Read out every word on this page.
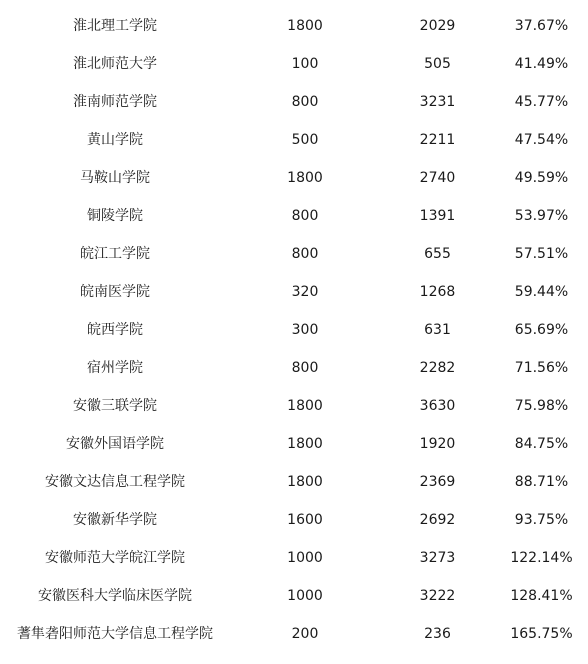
淮北理工学院	1800	2029	37.67%
淮北师范大学	100	505	41.49%
淮南师范学院	800	3231	45.77%
黄山学院	500	2211	47.54%
马鞍山学院	1800	2740	49.59%
铜陵学院	800	1391	53.97%
皖江工学院	800	655	57.51%
皖南医学院	320	1268	59.44%
皖西学院	300	631	65.69%
宿州学院	800	2282	71.56%
安徽三联学院	1800	3630	75.98%
安徽外国语学院	1800	1920	84.75%
安徽文达信息工程学院	1800	2369	88.71%
安徽新华学院	1600	2692	93.75%
安徽师范大学皖江学院	1000	3273	122.14%
安徽医科大学临床医学院	1000	3222	128.41%
蓍隼砻阳师范大学信息工程学院	200	236	165.75%
